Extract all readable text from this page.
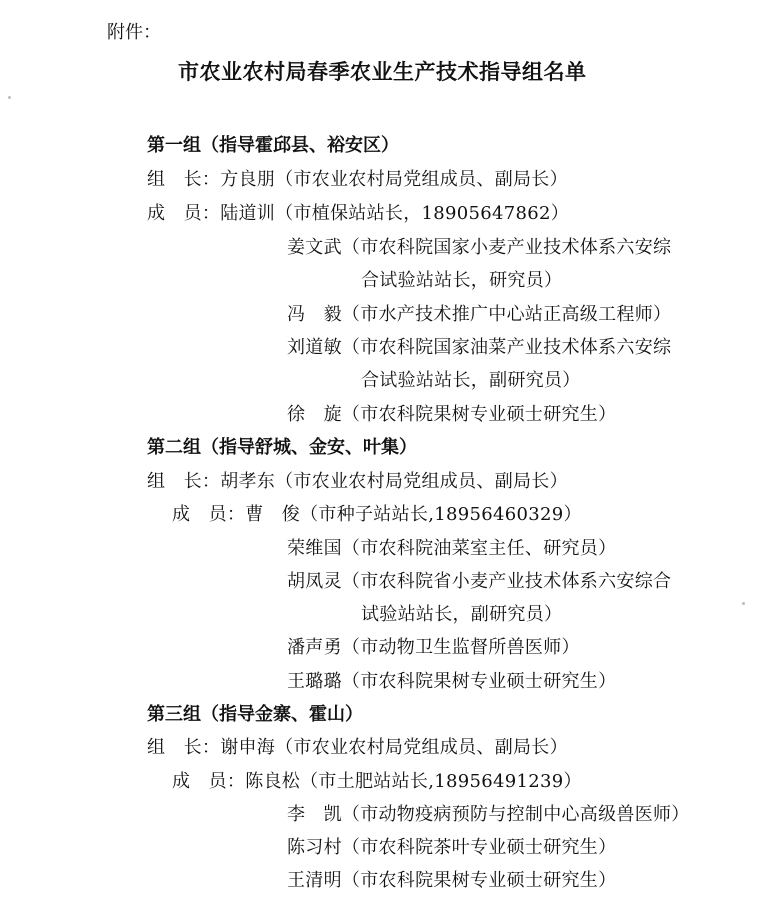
附件：
市农业农村局春季农业生产技术指导组名单
第一组（指导霍邱县、裕安区）
组　长：方良朋（市农业农村局党组成员、副局长）
成　员：陆道训（市植保站站长，18905647862）
姜文武（市农科院国家小麦产业技术体系六安综
合试验站站长，研究员）
冯　毅（市水产技术推广中心站正高级工程师）
刘道敏（市农科院国家油菜产业技术体系六安综
合试验站站长，副研究员）
徐　旋（市农科院果树专业硕士研究生）
第二组（指导舒城、金安、叶集）
组　长：胡孝东（市农业农村局党组成员、副局长）
成　员：曹　俊（市种子站站长,18956460329）
荣维国（市农科院油菜室主任、研究员）
胡凤灵（市农科院省小麦产业技术体系六安综合
试验站站长，副研究员）
潘声勇（市动物卫生监督所兽医师）
王璐璐（市农科院果树专业硕士研究生）
第三组（指导金寨、霍山）
组　长：谢申海（市农业农村局党组成员、副局长）
成　员：陈良松（市土肥站站长,18956491239）
李　凯（市动物疫病预防与控制中心高级兽医师）
陈习村（市农科院茶叶专业硕士研究生）
王清明（市农科院果树专业硕士研究生）
